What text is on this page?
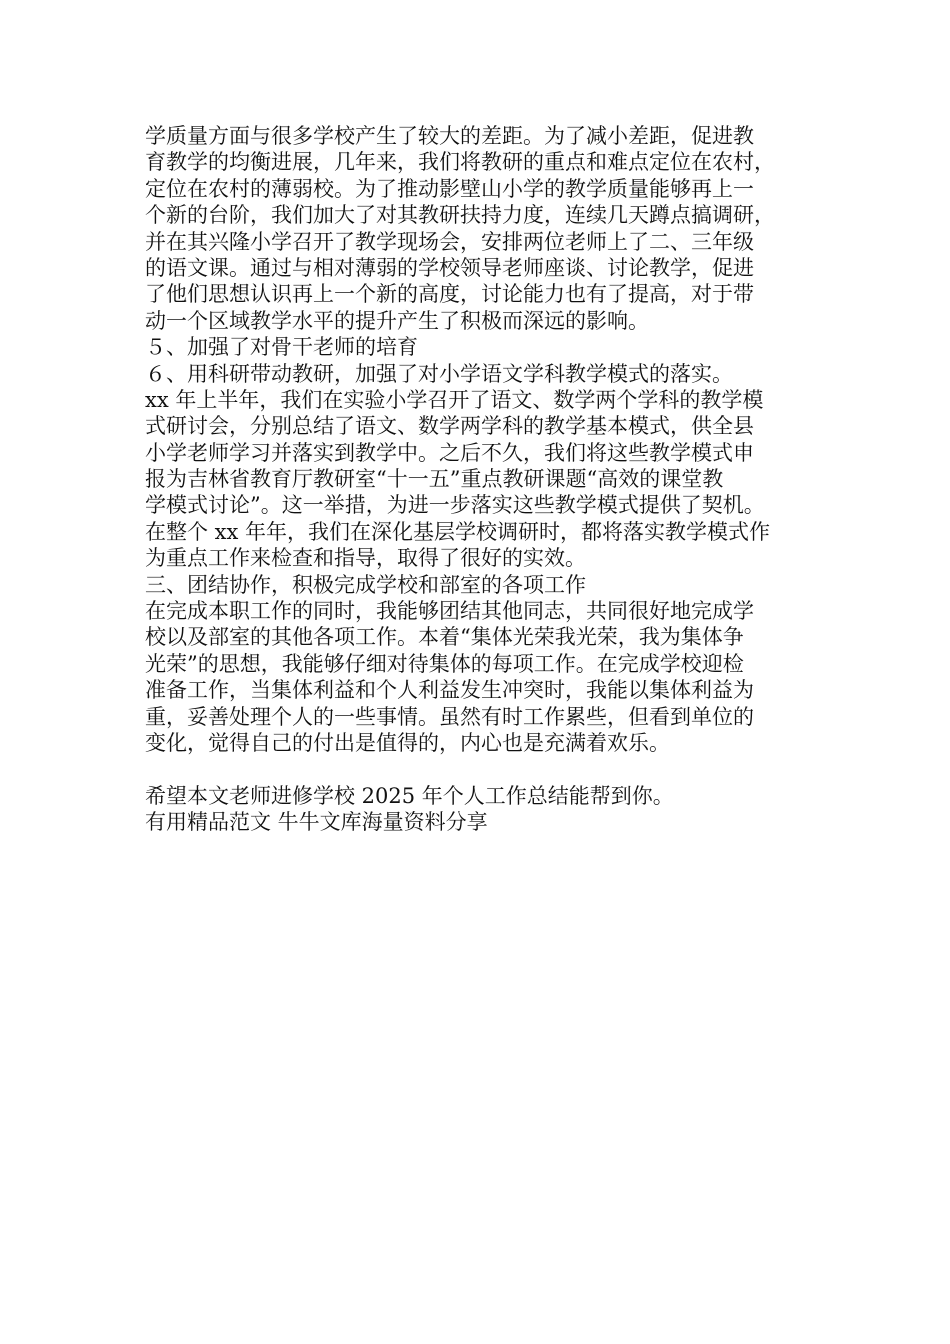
学质量方面与很多学校产生了较大的差距。为了减小差距，促进教
育教学的均衡进展，几年来，我们将教研的重点和难点定位在农村，
定位在农村的薄弱校。为了推动影壁山小学的教学质量能够再上一
个新的台阶，我们加大了对其教研扶持力度，连续几天蹲点搞调研，
并在其兴隆小学召开了教学现场会，安排两位老师上了二、三年级
的语文课。通过与相对薄弱的学校领导老师座谈、讨论教学，促进
了他们思想认识再上一个新的高度，讨论能力也有了提高，对于带
动一个区域教学水平的提升产生了积极而深远的影响。
５、加强了对骨干老师的培育
６、用科研带动教研，加强了对小学语文学科教学模式的落实。
xx 年上半年，我们在实验小学召开了语文、数学两个学科的教学模
式研讨会，分别总结了语文、数学两学科的教学基本模式，供全县
小学老师学习并落实到教学中。之后不久，我们将这些教学模式申
报为吉林省教育厅教研室“十一五”重点教研课题“高效的课堂教
学模式讨论”。这一举措，为进一步落实这些教学模式提供了契机。
在整个 xx 年年，我们在深化基层学校调研时，都将落实教学模式作
为重点工作来检查和指导，取得了很好的实效。
三、团结协作，积极完成学校和部室的各项工作
在完成本职工作的同时，我能够团结其他同志，共同很好地完成学
校以及部室的其他各项工作。本着“集体光荣我光荣，我为集体争
光荣”的思想，我能够仔细对待集体的每项工作。在完成学校迎检
准备工作，当集体利益和个人利益发生冲突时，我能以集体利益为
重，妥善处理个人的一些事情。虽然有时工作累些，但看到单位的
变化，觉得自己的付出是值得的，内心也是充满着欢乐。
希望本文老师进修学校 2025 年个人工作总结能帮到你。
有用精品范文 牛牛文库海量资料分享
